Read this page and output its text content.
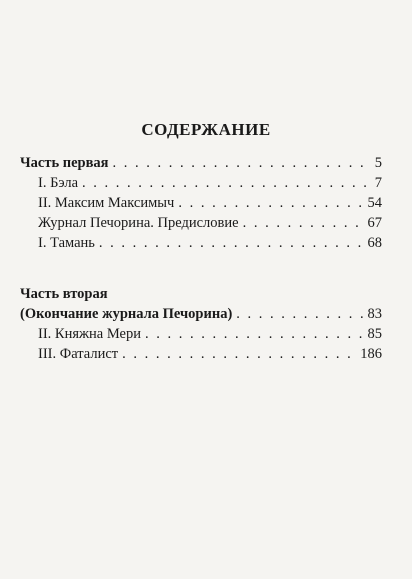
Часть первая . . .	5
I. Бэла . . .	7
II. Максим Максимыч . . .	54
Журнал Печорина. Предисловие . . .	67
I. Тамань . . .	68
СОДЕРЖАНИЕ
Часть вторая
(Окончание журнала Печорина) . . .	83
II. Княжна Мери . . .	85
III. Фаталист . . .	186
